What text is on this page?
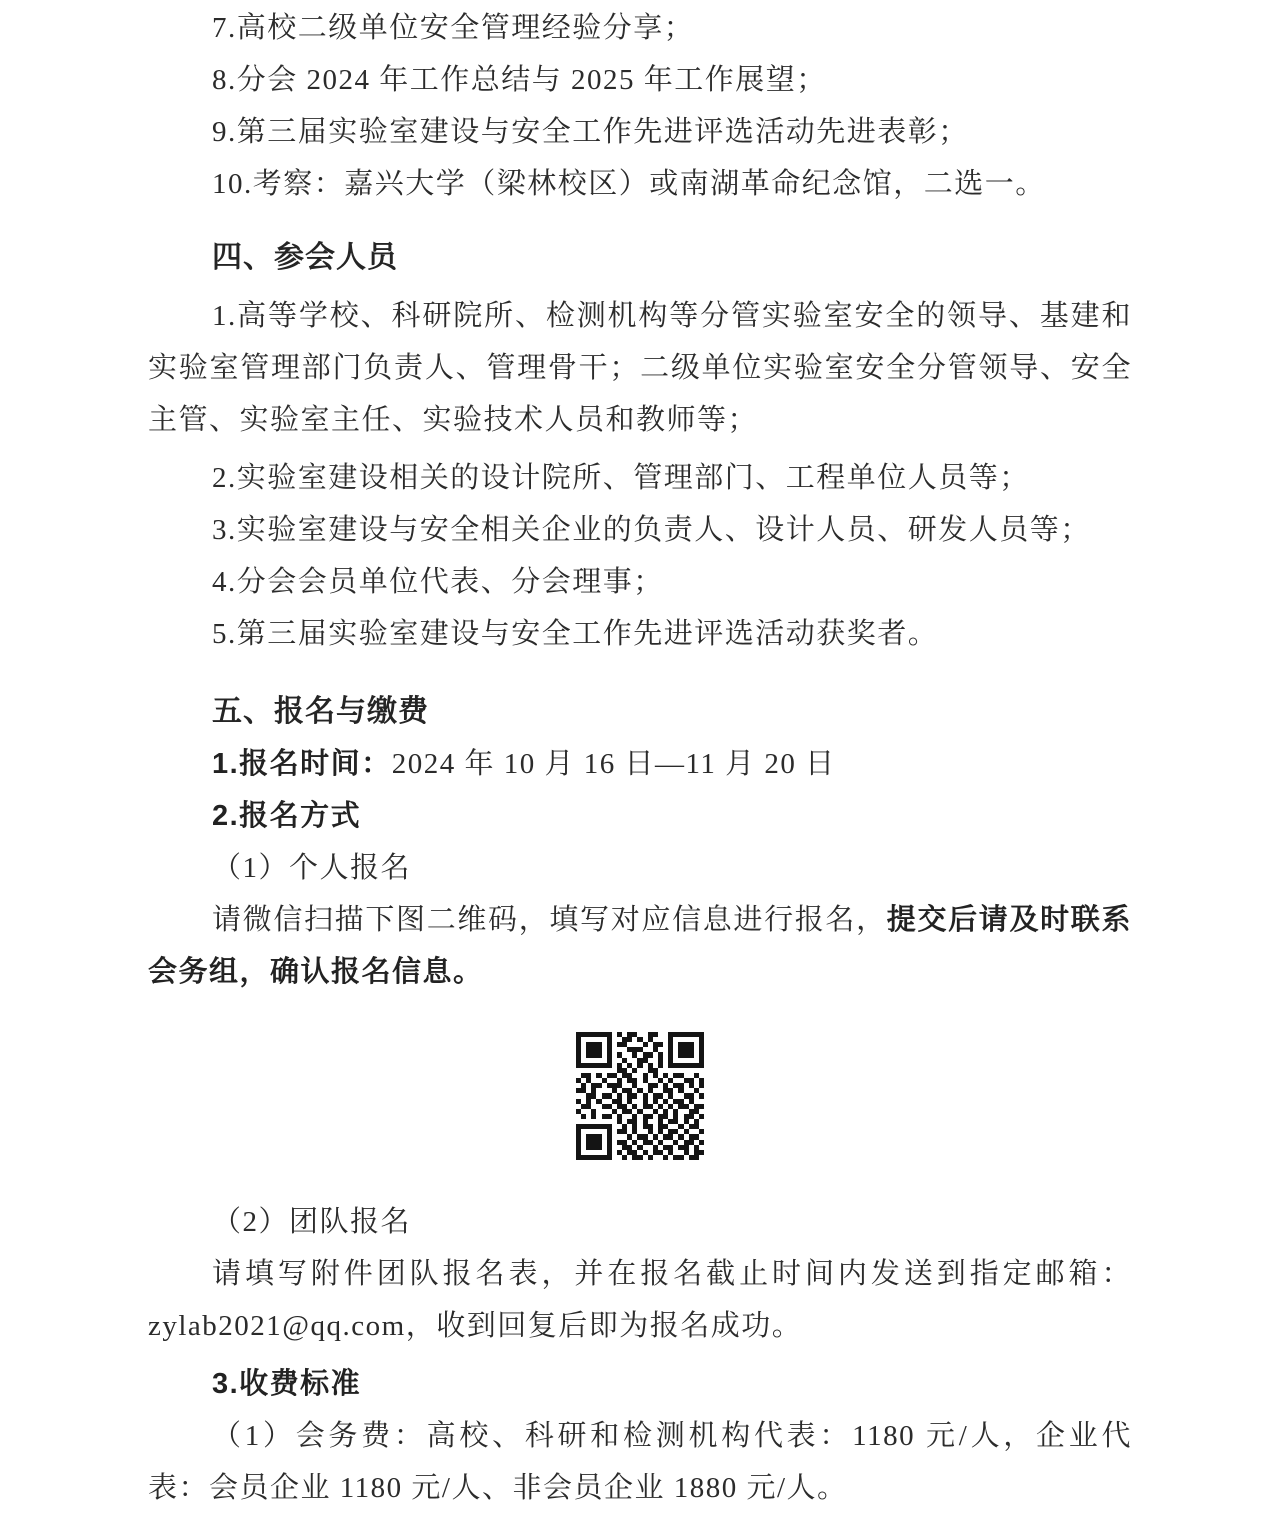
7.高校二级单位安全管理经验分享；

8.分会 2024 年工作总结与 2025 年工作展望；

9.第三届实验室建设与安全工作先进评选活动先进表彰；

10.考察：嘉兴大学（梁林校区）或南湖革命纪念馆，二选一。

四、参会人员

1.高等学校、科研院所、检测机构等分管实验室安全的领导、基建和实验室管理部门负责人、管理骨干；二级单位实验室安全分管领导、安全主管、实验室主任、实验技术人员和教师等；

2.实验室建设相关的设计院所、管理部门、工程单位人员等；

3.实验室建设与安全相关企业的负责人、设计人员、研发人员等；

4.分会会员单位代表、分会理事；

5.第三届实验室建设与安全工作先进评选活动获奖者。

五、报名与缴费

1.报名时间：2024 年 10 月 16 日—11 月 20 日

2.报名方式

（1）个人报名

请微信扫描下图二维码，填写对应信息进行报名，提交后请及时联系会务组，确认报名信息。

（2）团队报名

请填写附件团队报名表，并在报名截止时间内发送到指定邮箱：zylab2021@qq.com，收到回复后即为报名成功。

3.收费标准

（1）会务费：高校、科研和检测机构代表：1180 元/人，企业代表：会员企业 1180 元/人、非会员企业 1880 元/人。
